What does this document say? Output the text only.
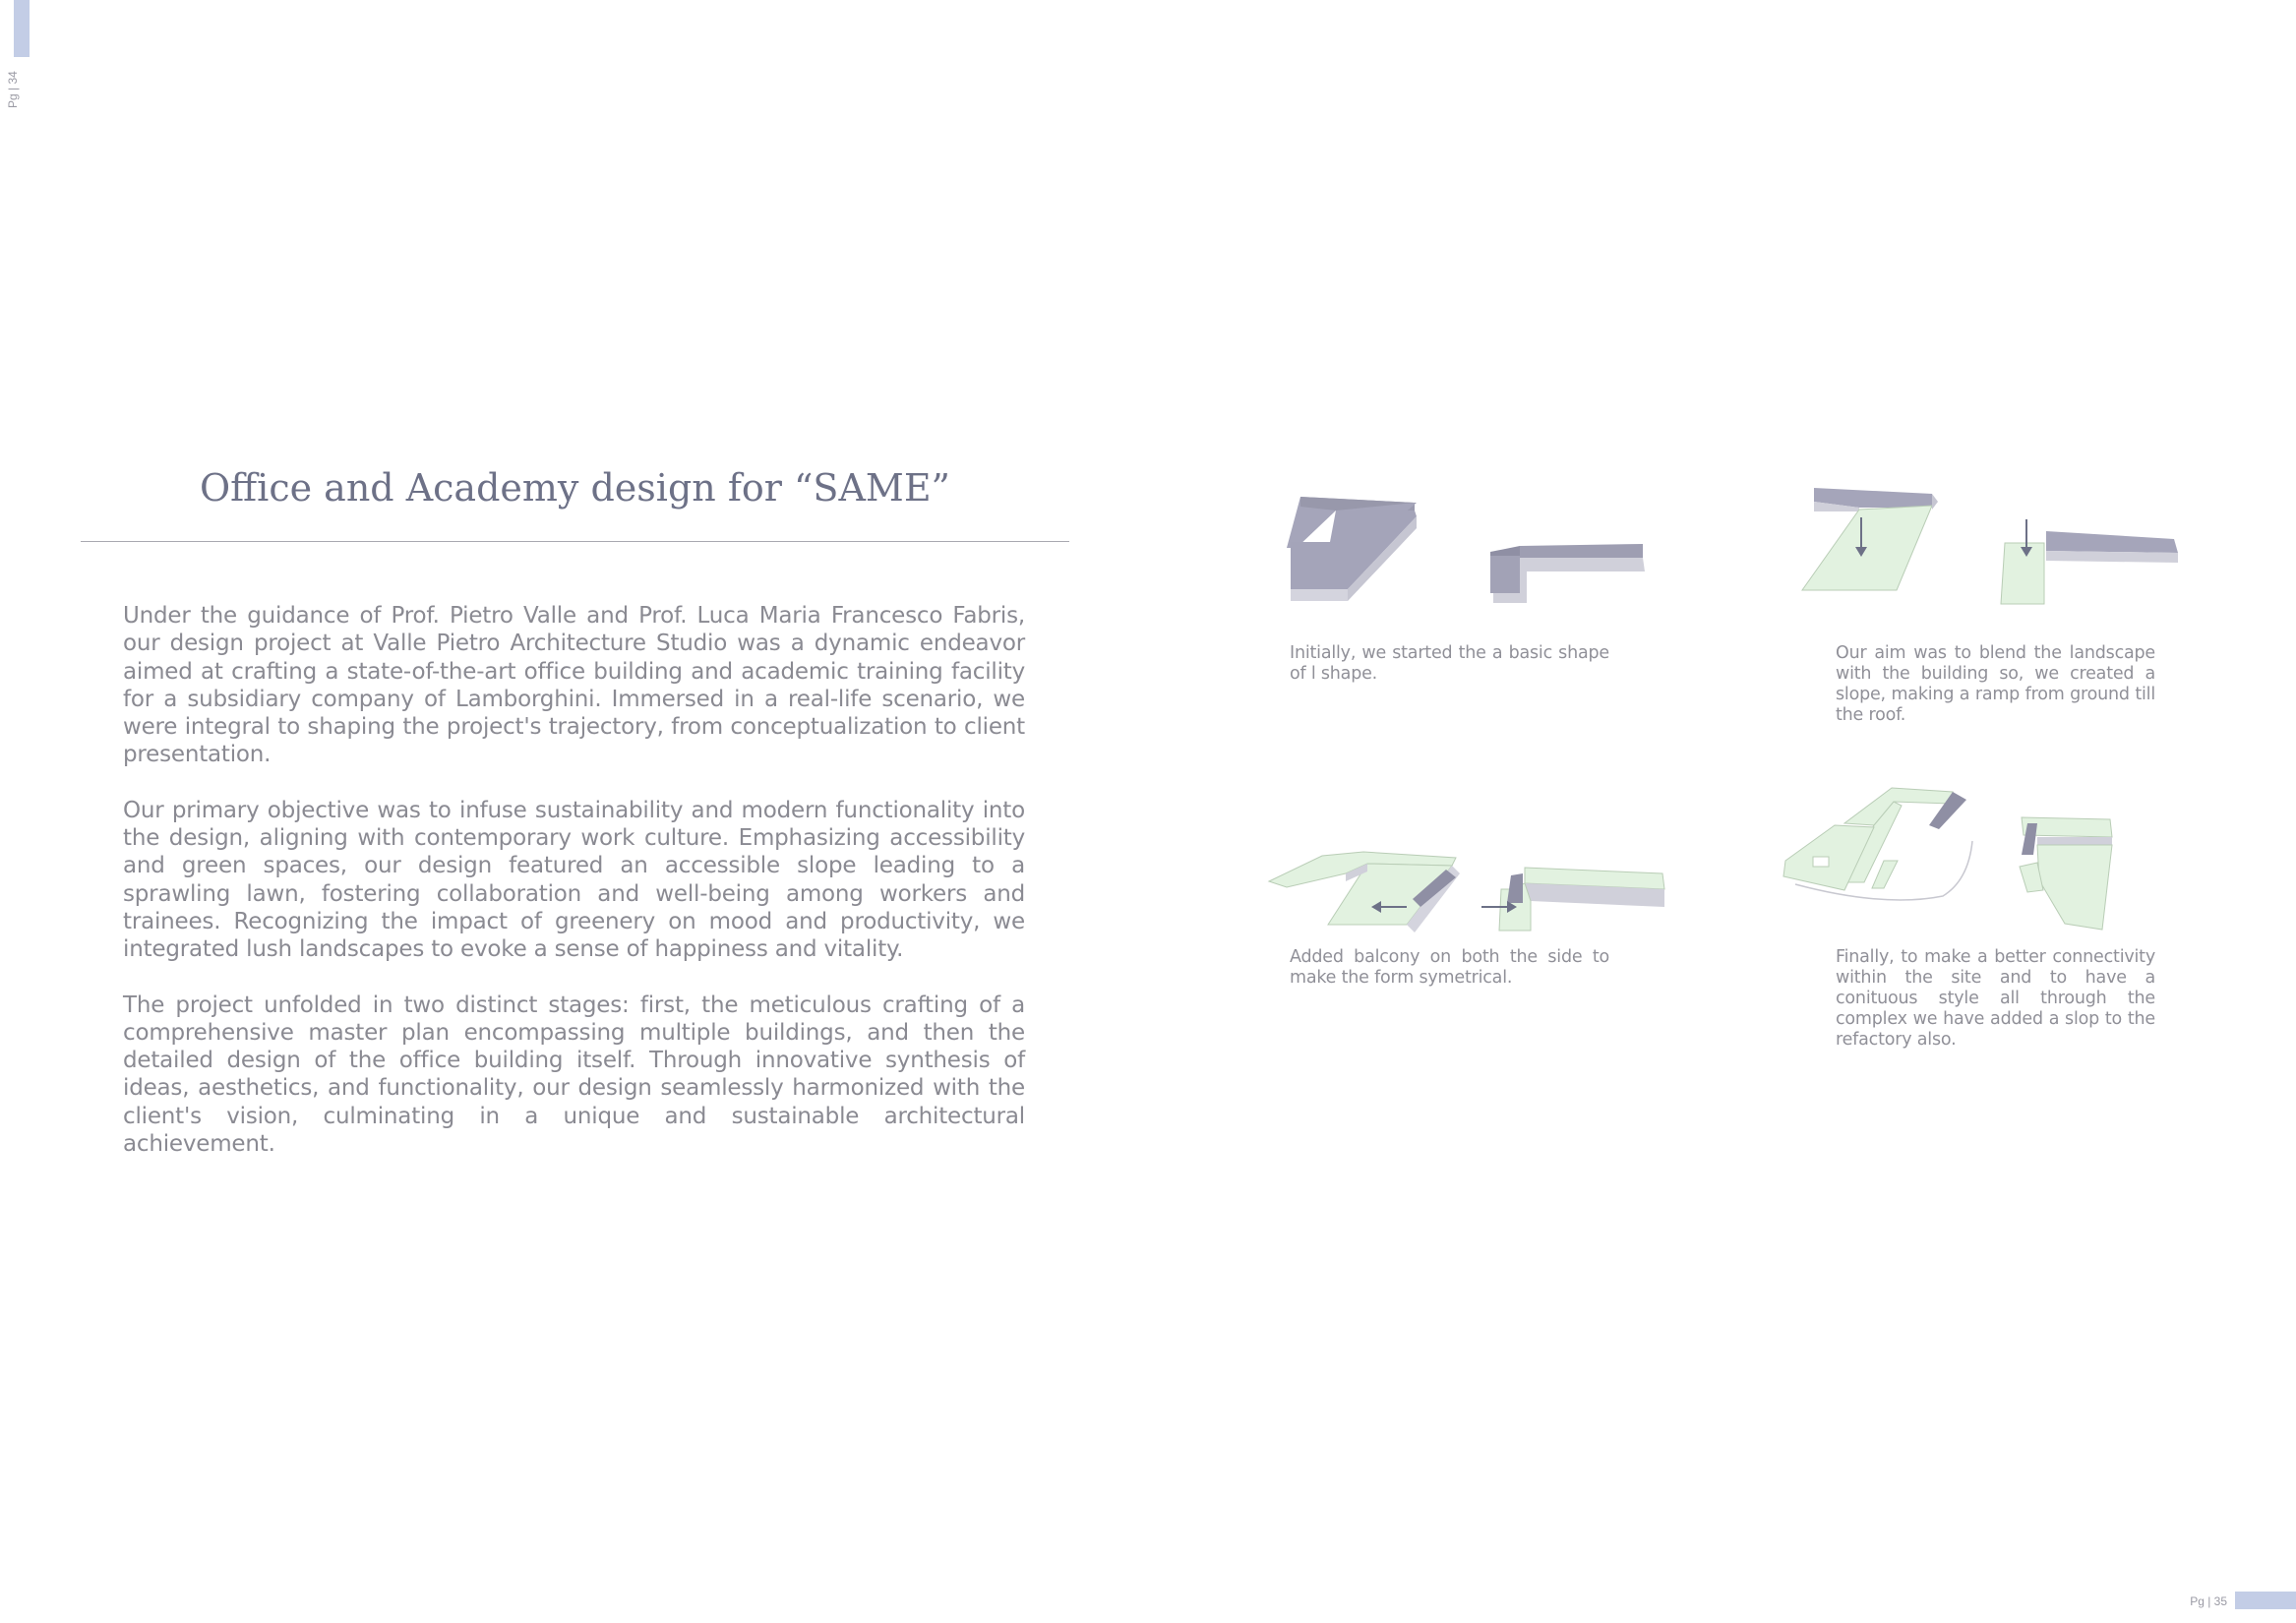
Pg | 34
Office and Academy design for “SAME”

Under the guidance of Prof. Pietro Valle and Prof. Luca Maria Francesco Fabris, our design project at Valle Pietro Architecture Studio was a dynamic endeavor aimed at crafting a state-of-the-art office building and academic training facility for a subsidiary company of Lamborghini. Immersed in a real-life scenario, we were integral to shaping the project's trajectory, from conceptualization to client presentation.

Our primary objective was to infuse sustainability and modern functionality into the design, aligning with contemporary work culture. Emphasizing accessibility and green spaces, our design featured an accessible slope leading to a sprawling lawn, fostering collaboration and well-being among workers and trainees. Recognizing the impact of greenery on mood and productivity, we integrated lush landscapes to evoke a sense of happiness and vitality.

The project unfolded in two distinct stages: first, the meticulous crafting of a comprehensive master plan encompassing multiple buildings, and then the detailed design of the office building itself. Through innovative synthesis of ideas, aesthetics, and functionality, our design seamlessly harmonized with the client's vision, culminating in a unique and sustainable architectural achievement.

Initially, we started the a basic shape of l shape.

Our aim was to blend the landscape with the building so, we created a slope, making a ramp from ground till the roof.

Added balcony on both the side to make the form symetrical.

Finally, to make a better connectivity within the site and to have a conituous style all through the complex we have added a slop to the refactory also.

Pg | 35
